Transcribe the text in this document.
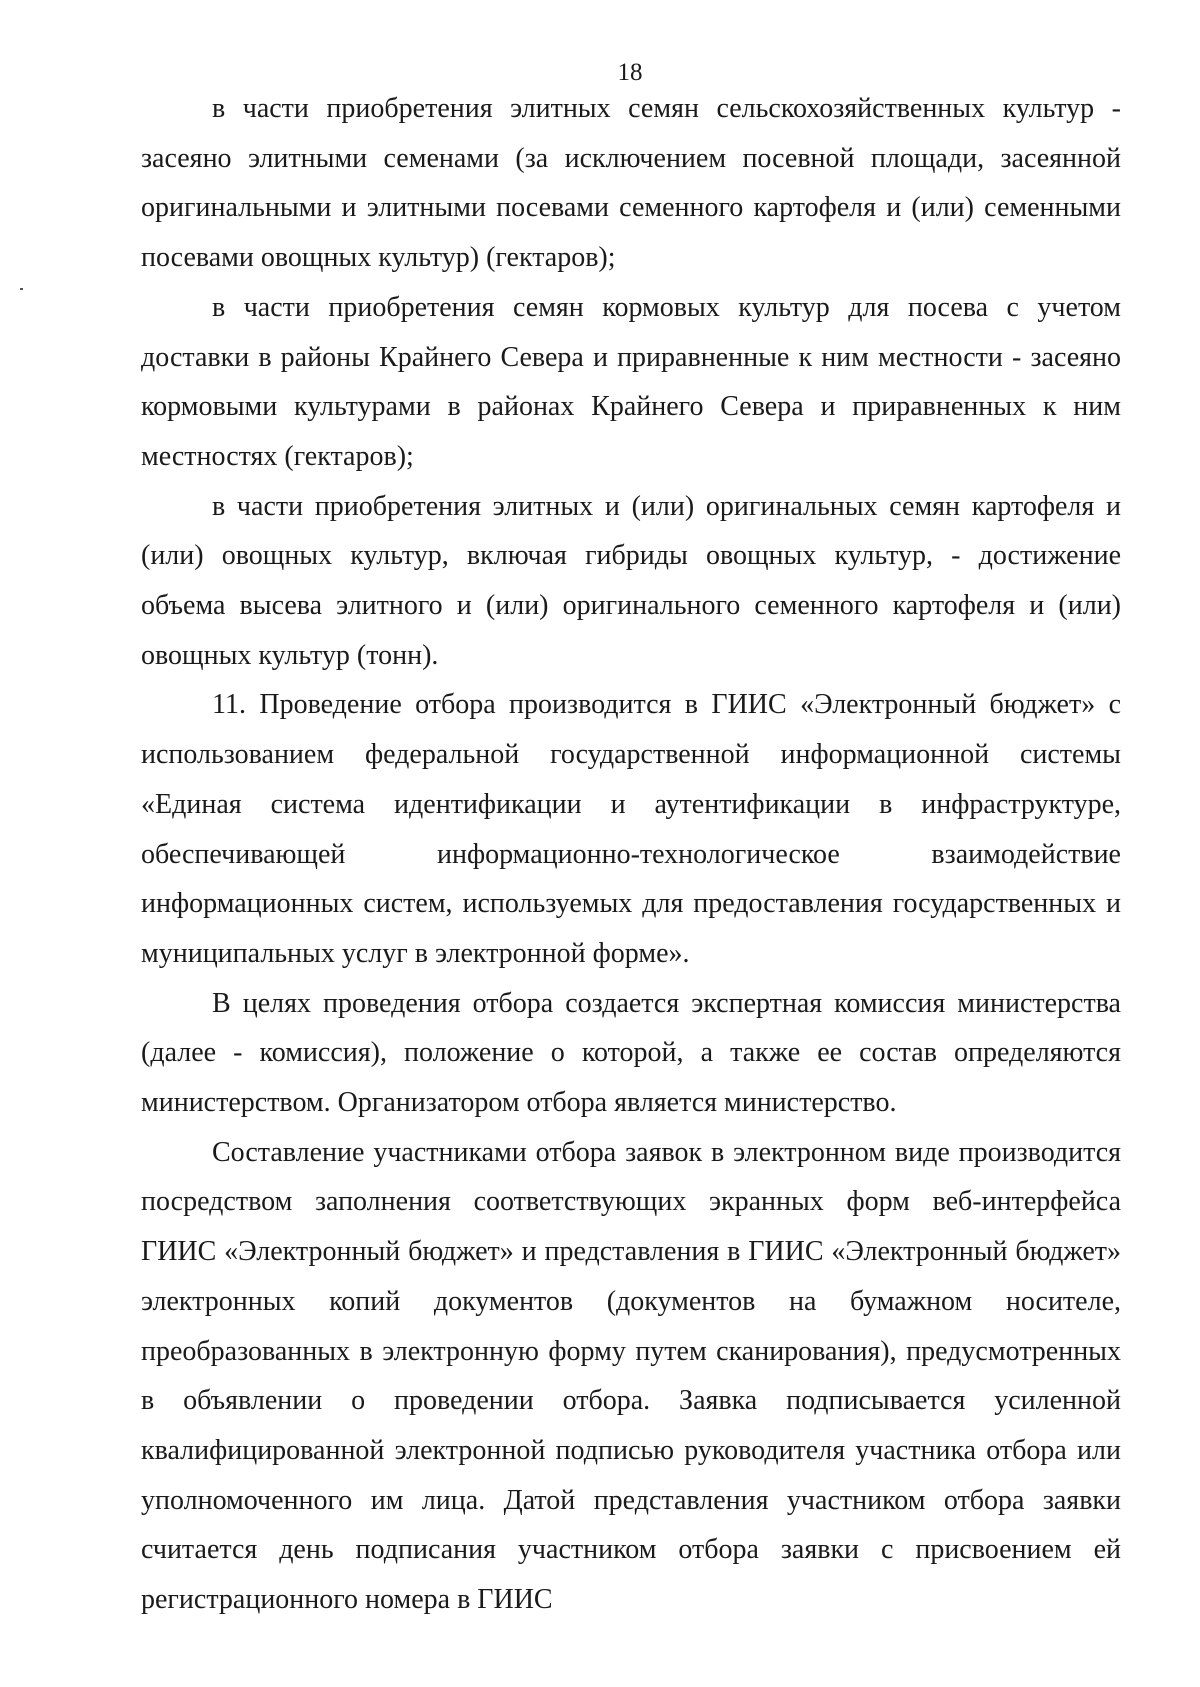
18

в части приобретения элитных семян сельскохозяйственных культур - засеяно элитными семенами (за исключением посевной площади, засеянной оригинальными и элитными посевами семенного картофеля и (или) семенными посевами овощных культур) (гектаров);

в части приобретения семян кормовых культур для посева с учетом доставки в районы Крайнего Севера и приравненные к ним местности - засеяно кормовыми культурами в районах Крайнего Севера и приравненных к ним местностях (гектаров);

в части приобретения элитных и (или) оригинальных семян картофеля и (или) овощных культур, включая гибриды овощных культур, - достижение объема высева элитного и (или) оригинального семенного картофеля и (или) овощных культур (тонн).

11. Проведение отбора производится в ГИИС «Электронный бюджет» с использованием федеральной государственной информационной системы «Единая система идентификации и аутентификации в инфраструктуре, обеспечивающей информационно-технологическое взаимодействие информационных систем, используемых для предоставления государственных и муниципальных услуг в электронной форме».

В целях проведения отбора создается экспертная комиссия министерства (далее - комиссия), положение о которой, а также ее состав определяются министерством. Организатором отбора является министерство.

Составление участниками отбора заявок в электронном виде производится посредством заполнения соответствующих экранных форм веб-интерфейса ГИИС «Электронный бюджет» и представления в ГИИС «Электронный бюджет» электронных копий документов (документов на бумажном носителе, преобразованных в электронную форму путем сканирования), предусмотренных в объявлении о проведении отбора. Заявка подписывается усиленной квалифицированной электронной подписью руководителя участника отбора или уполномоченного им лица. Датой представления участником отбора заявки считается день подписания участником отбора заявки с присвоением ей регистрационного номера в ГИИС
